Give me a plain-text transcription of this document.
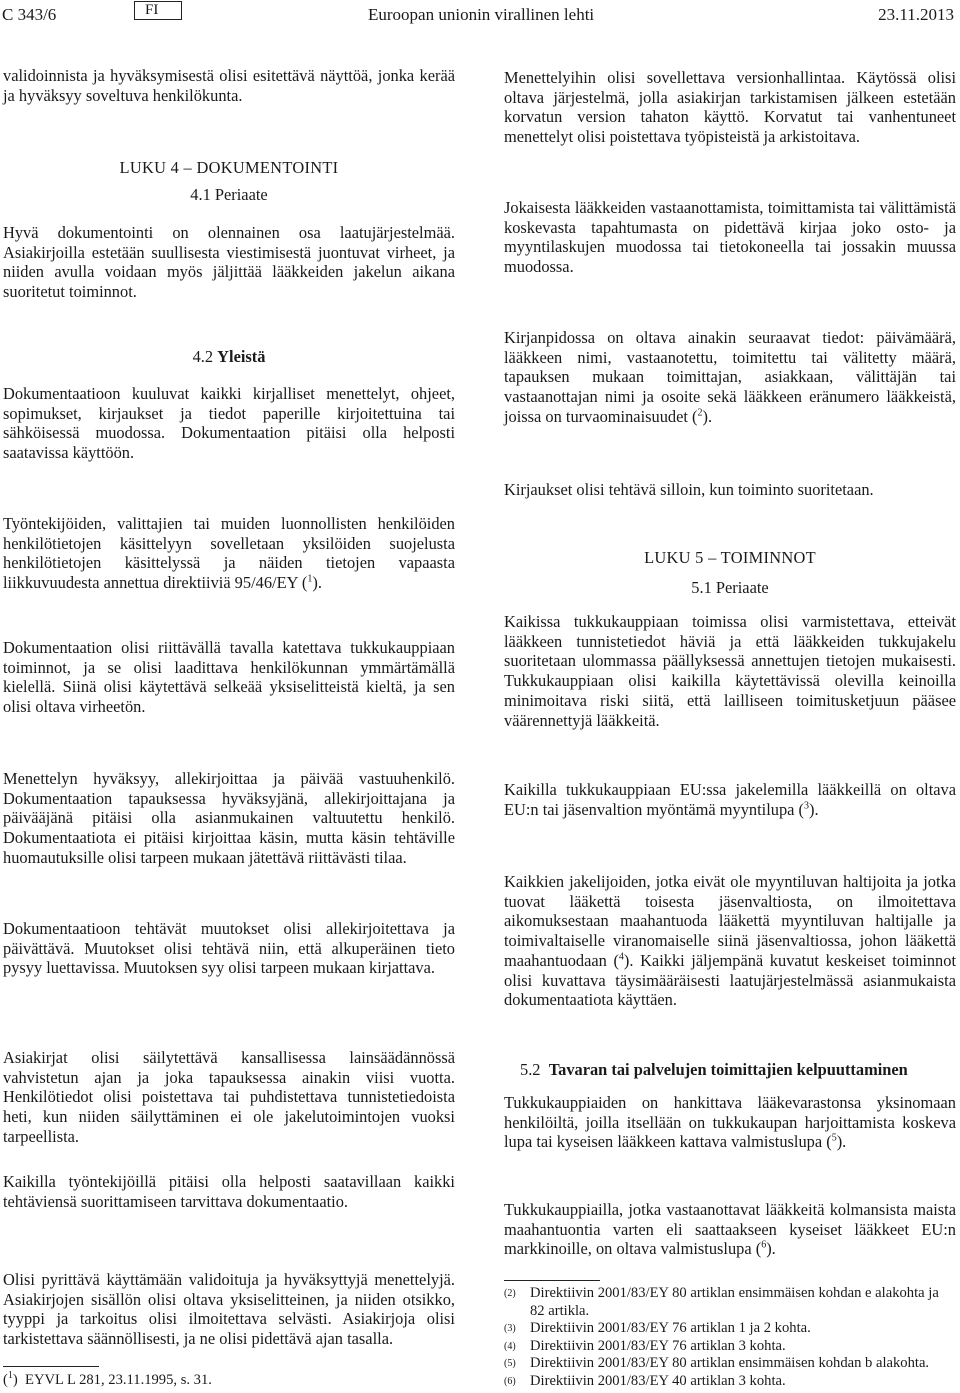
C 343/6	FI	Euroopan unionin virallinen lehti	23.11.2013

validoinnista ja hyväksymisestä olisi esitettävä näyttöä, jonka kerää ja hyväksyy soveltuva henkilökunta.

LUKU 4 – DOKUMENTOINTI

4.1 Periaate

Hyvä dokumentointi on olennainen osa laatujärjestelmää. Asiakirjoilla estetään suullisesta viestimisestä juontuvat virheet, ja niiden avulla voidaan myös jäljittää lääkkeiden jakelun aikana suoritetut toiminnot.

4.2 Yleistä

Dokumentaatioon kuuluvat kaikki kirjalliset menettelyt, ohjeet, sopimukset, kirjaukset ja tiedot paperille kirjoitettuina tai sähköisessä muodossa. Dokumentaation pitäisi olla helposti saatavissa käyttöön.

Työntekijöiden, valittajien tai muiden luonnollisten henkilöiden henkilötietojen käsittelyyn sovelletaan yksilöiden suojelusta henkilötietojen käsittelyssä ja näiden tietojen vapaasta liikkuvuudesta annettua direktiiviä 95/46/EY ($^1$).

Dokumentaation olisi riittävällä tavalla katettava tukkukauppiaan toiminnot, ja se olisi laadittava henkilökunnan ymmärtämällä kielellä. Siinä olisi käytettävä selkeää yksiselitteistä kieltä, ja sen olisi oltava virheetön.

Menettelyn hyväksyy, allekirjoittaa ja päivää vastuuhenkilö. Dokumentaation tapauksessa hyväksyjänä, allekirjoittajana ja päivääjänä pitäisi olla asianmukainen valtuutettu henkilö. Dokumentaatiota ei pitäisi kirjoittaa käsin, mutta käsin tehtäville huomautuksille olisi tarpeen mukaan jätettävä riittävästi tilaa.

Dokumentaatioon tehtävät muutokset olisi allekirjoitettava ja päivättävä. Muutokset olisi tehtävä niin, että alkuperäinen tieto pysyy luettavissa. Muutoksen syy olisi tarpeen mukaan kirjattava.

Asiakirjat olisi säilytettävä kansallisessa lainsäädännössä vahvistetun ajan ja joka tapauksessa ainakin viisi vuotta. Henkilötiedot olisi poistettava tai puhdistettava tunnistetiedoista heti, kun niiden säilyttäminen ei ole jakelutoimintojen vuoksi tarpeellista.

Kaikilla työntekijöillä pitäisi olla helposti saatavillaan kaikki tehtäviensä suorittamiseen tarvittava dokumentaatio.

Olisi pyrittävä käyttämään validoituja ja hyväksyttyjä menettelyjä. Asiakirjojen sisällön olisi oltava yksiselitteinen, ja niiden otsikko, tyyppi ja tarkoitus olisi ilmoitettava selvästi. Asiakirjoja olisi tarkistettava säännöllisesti, ja ne olisi pidettävä ajan tasalla.

($^1$)  EYVL L 281, 23.11.1995, s. 31.

Menettelyihin olisi sovellettava versionhallintaa. Käytössä olisi oltava järjestelmä, jolla asiakirjan tarkistamisen jälkeen estetään korvatun version tahaton käyttö. Korvatut tai vanhentuneet menettelyt olisi poistettava työpisteistä ja arkistoitava.

Jokaisesta lääkkeiden vastaanottamista, toimittamista tai välittämistä koskevasta tapahtumasta on pidettävä kirjaa joko osto- ja myyntilaskujen muodossa tai tietokoneella tai jossakin muussa muodossa.

Kirjanpidossa on oltava ainakin seuraavat tiedot: päivämäärä, lääkkeen nimi, vastaanotettu, toimitettu tai välitetty määrä, tapauksen mukaan toimittajan, asiakkaan, välittäjän tai vastaanottajan nimi ja osoite sekä lääkkeen eränumero lääkkeistä, joissa on turvaominaisuudet ($^2$).

Kirjaukset olisi tehtävä silloin, kun toiminto suoritetaan.

LUKU 5 – TOIMINNOT

5.1 Periaate

Kaikissa tukkukauppiaan toimissa olisi varmistettava, etteivät lääkkeen tunnistetiedot häviä ja että lääkkeiden tukkujakelu suoritetaan ulommassa päällyksessä annettujen tietojen mukaisesti. Tukkukauppiaan olisi kaikilla käytettävissä olevilla keinoilla minimoitava riski siitä, että lailliseen toimitusketjuun pääsee väärennettyjä lääkkeitä.

Kaikilla tukkukauppiaan EU:ssa jakelemilla lääkkeillä on oltava EU:n tai jäsenvaltion myöntämä myyntilupa ($^3$).

Kaikkien jakelijoiden, jotka eivät ole myyntiluvan haltijoita ja jotka tuovat lääkettä toisesta jäsenvaltiosta, on ilmoitettava aikomuksestaan maahantuoda lääkettä myyntiluvan haltijalle ja toimivaltaiselle viranomaiselle siinä jäsenvaltiossa, johon lääkettä maahantuodaan ($^4$). Kaikki jäljempänä kuvatut keskeiset toiminnot olisi kuvattava täysimääräisesti laatujärjestelmässä asianmukaista dokumentaatiota käyttäen.

5.2 Tavaran tai palvelujen toimittajien kelpuuttaminen

Tukkukauppiaiden on hankittava lääkevarastonsa yksinomaan henkilöiltä, joilla itsellään on tukkukaupan harjoittamista koskeva lupa tai kyseisen lääkkeen kattava valmistuslupa ($^5$).

Tukkukauppiailla, jotka vastaanottavat lääkkeitä kolmansista maista maahantuontia varten eli saattaakseen kyseiset lääkkeet EU:n markkinoille, on oltava valmistuslupa ($^6$).

(2) Direktiivin 2001/83/EY 80 artiklan ensimmäisen kohdan e alakohta ja 82 artikla.
(3) Direktiivin 2001/83/EY 76 artiklan 1 ja 2 kohta.
(4) Direktiivin 2001/83/EY 76 artiklan 3 kohta.
(5) Direktiivin 2001/83/EY 80 artiklan ensimmäisen kohdan b alakohta.
(6) Direktiivin 2001/83/EY 40 artiklan 3 kohta.
